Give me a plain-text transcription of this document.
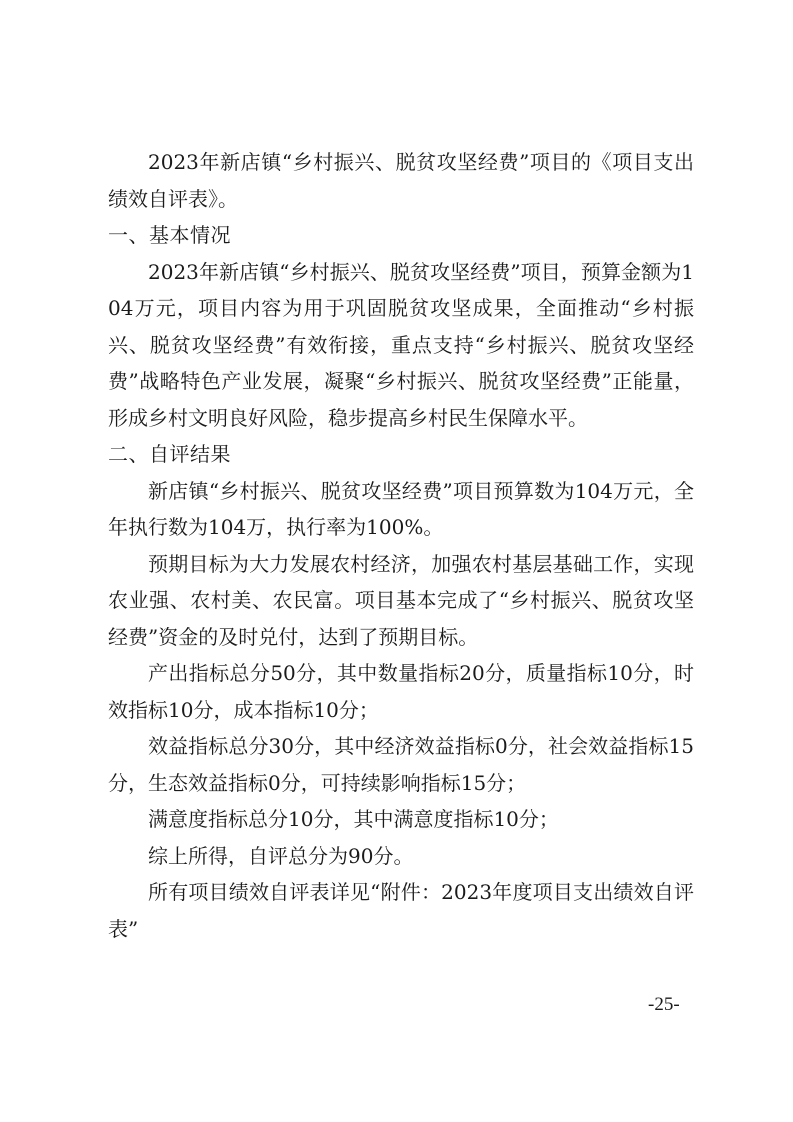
2023年新店镇“乡村振兴、脱贫攻坚经费”项目的《项目支出绩效自评表》。

一、基本情况

2023年新店镇“乡村振兴、脱贫攻坚经费”项目，预算金额为104万元，项目内容为用于巩固脱贫攻坚成果，全面推动“乡村振兴、脱贫攻坚经费”有效衔接，重点支持“乡村振兴、脱贫攻坚经费”战略特色产业发展，凝聚“乡村振兴、脱贫攻坚经费”正能量，形成乡村文明良好风险，稳步提高乡村民生保障水平。

二、自评结果

新店镇“乡村振兴、脱贫攻坚经费”项目预算数为104万元，全年执行数为104万，执行率为100%。

预期目标为大力发展农村经济，加强农村基层基础工作，实现农业强、农村美、农民富。项目基本完成了“乡村振兴、脱贫攻坚经费”资金的及时兑付，达到了预期目标。

产出指标总分50分，其中数量指标20分，质量指标10分，时效指标10分，成本指标10分；

效益指标总分30分，其中经济效益指标0分，社会效益指标15分，生态效益指标0分，可持续影响指标15分；

满意度指标总分10分，其中满意度指标10分；

综上所得，自评总分为90分。

所有项目绩效自评表详见“附件：2023年度项目支出绩效自评表”

-25-
